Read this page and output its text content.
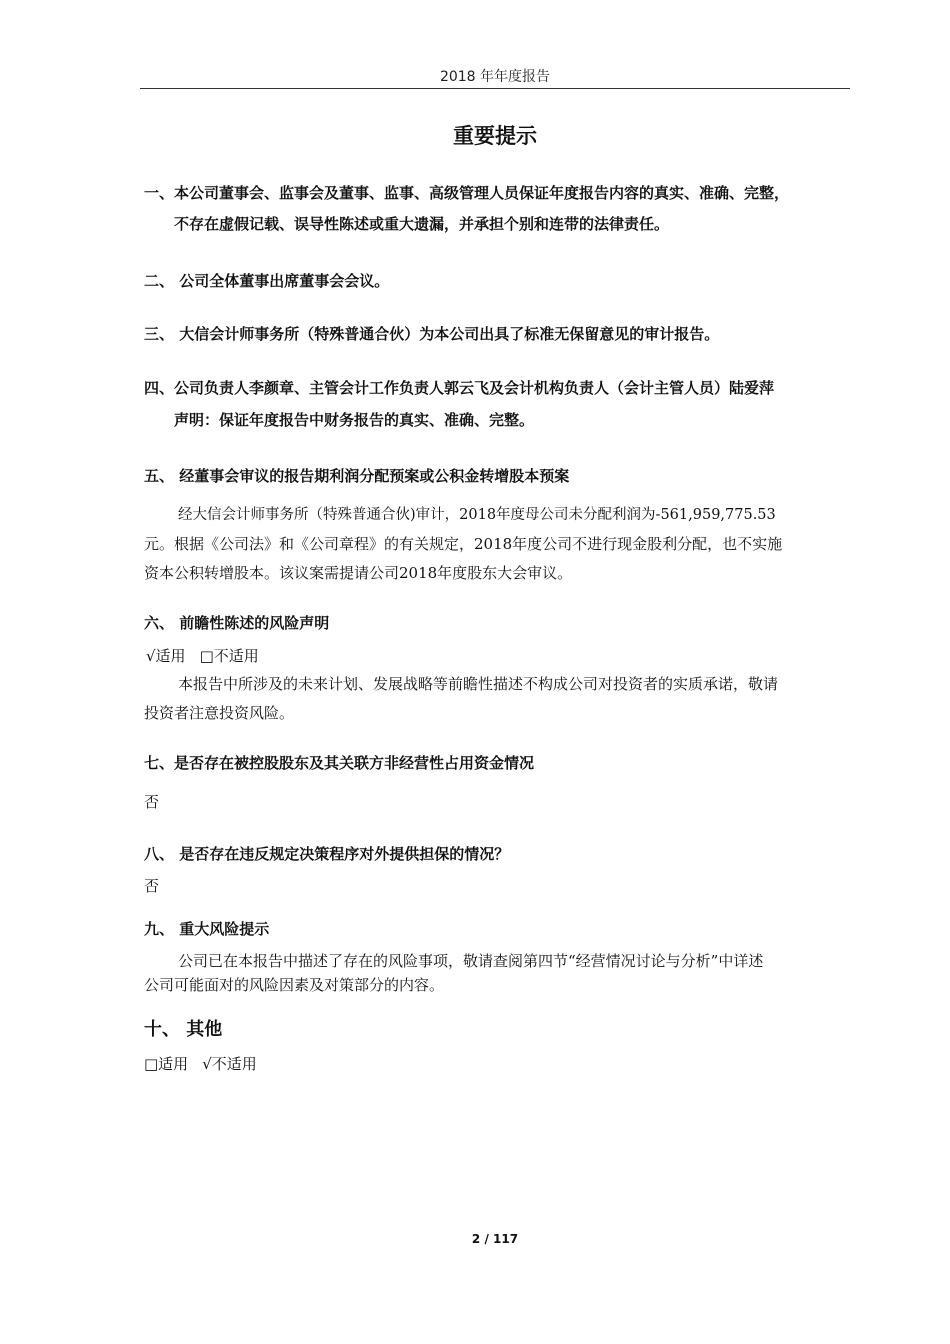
2018 年年度报告
重要提示
一、本公司董事会、监事会及董事、监事、高级管理人员保证年度报告内容的真实、准确、完整，
不存在虚假记载、误导性陈述或重大遗漏，并承担个别和连带的法律责任。
二、 公司全体董事出席董事会会议。
三、 大信会计师事务所（特殊普通合伙）为本公司出具了标准无保留意见的审计报告。
四、公司负责人李颜章、主管会计工作负责人郭云飞及会计机构负责人（会计主管人员）陆爱萍
声明：保证年度报告中财务报告的真实、准确、完整。
五、 经董事会审议的报告期利润分配预案或公积金转增股本预案
经大信会计师事务所（特殊普通合伙)审计，2018年度母公司未分配利润为-561,959,775.53
元。根据《公司法》和《公司章程》的有关规定，2018年度公司不进行现金股利分配，也不实施
资本公积转增股本。该议案需提请公司2018年度股东大会审议。
六、 前瞻性陈述的风险声明
√适用 □不适用
本报告中所涉及的未来计划、发展战略等前瞻性描述不构成公司对投资者的实质承诺，敬请
投资者注意投资风险。
七、是否存在被控股股东及其关联方非经营性占用资金情况
否
八、 是否存在违反规定决策程序对外提供担保的情况？
否
九、 重大风险提示
公司已在本报告中描述了存在的风险事项，敬请查阅第四节“经营情况讨论与分析”中详述
公司可能面对的风险因素及对策部分的内容。
十、 其他
□适用 √不适用
2 / 117
